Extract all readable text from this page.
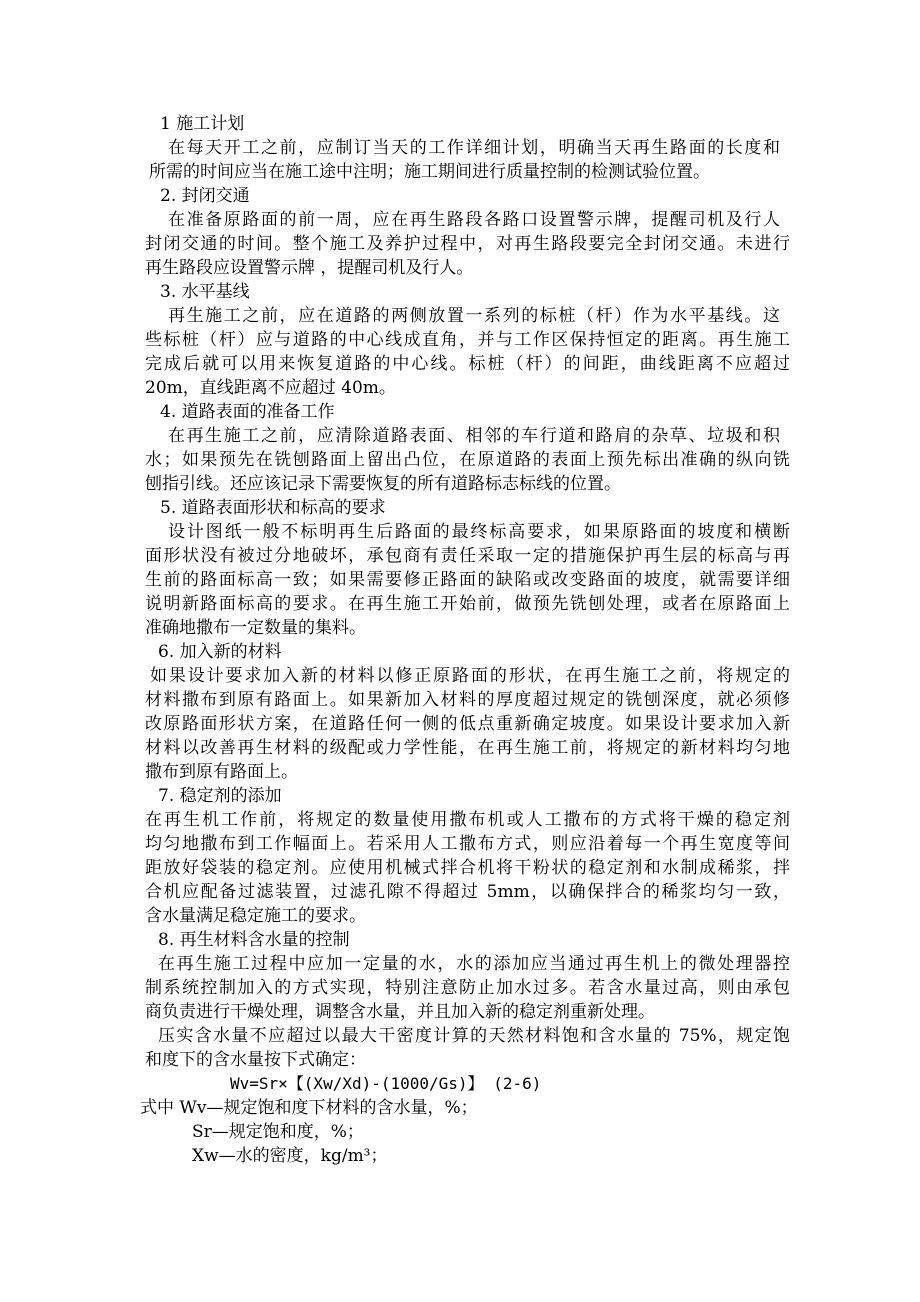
1 施工计划
在每天开工之前，应制订当天的工作详细计划，明确当天再生路面的长度和
所需的时间应当在施工途中注明；施工期间进行质量控制的检测试验位置。
2. 封闭交通
在准备原路面的前一周，应在再生路段各路口设置警示牌，提醒司机及行人
封闭交通的时间。整个施工及养护过程中，对再生路段要完全封闭交通。未进行
再生路段应设置警示牌 ，提醒司机及行人。
3. 水平基线
再生施工之前，应在道路的两侧放置一系列的标桩（杆）作为水平基线。这
些标桩（杆）应与道路的中心线成直角，并与工作区保持恒定的距离。再生施工
完成后就可以用来恢复道路的中心线。标桩（杆）的间距，曲线距离不应超过
20m，直线距离不应超过 40m。
4. 道路表面的准备工作
在再生施工之前，应清除道路表面、相邻的车行道和路肩的杂草、垃圾和积
水；如果预先在铣刨路面上留出凸位，在原道路的表面上预先标出准确的纵向铣
刨指引线。还应该记录下需要恢复的所有道路标志标线的位置。
5. 道路表面形状和标高的要求
设计图纸一般不标明再生后路面的最终标高要求，如果原路面的坡度和横断
面形状没有被过分地破坏，承包商有责任采取一定的措施保护再生层的标高与再
生前的路面标高一致；如果需要修正路面的缺陷或改变路面的坡度，就需要详细
说明新路面标高的要求。在再生施工开始前，做预先铣刨处理，或者在原路面上
准确地撒布一定数量的集料。
6. 加入新的材料
如果设计要求加入新的材料以修正原路面的形状，在再生施工之前，将规定的
材料撒布到原有路面上。如果新加入材料的厚度超过规定的铣刨深度，就必须修
改原路面形状方案，在道路任何一侧的低点重新确定坡度。如果设计要求加入新
材料以改善再生材料的级配或力学性能，在再生施工前，将规定的新材料均匀地
撒布到原有路面上。
7. 稳定剂的添加
在再生机工作前，将规定的数量使用撒布机或人工撒布的方式将干燥的稳定剂
均匀地撒布到工作幅面上。若采用人工撒布方式，则应沿着每一个再生宽度等间
距放好袋装的稳定剂。应使用机械式拌合机将干粉状的稳定剂和水制成稀浆，拌
合机应配备过滤装置，过滤孔隙不得超过 5mm，以确保拌合的稀浆均匀一致，
含水量满足稳定施工的要求。
8. 再生材料含水量的控制
在再生施工过程中应加一定量的水，水的添加应当通过再生机上的微处理器控
制系统控制加入的方式实现，特别注意防止加水过多。若含水量过高，则由承包
商负责进行干燥处理，调整含水量，并且加入新的稳定剂重新处理。
压实含水量不应超过以最大干密度计算的天然材料饱和含水量的 75%，规定饱
和度下的含水量按下式确定：
Wv=Sr×【(Xw/Xd)-(1000/Gs)】 (2-6)
式中 Wv—规定饱和度下材料的含水量，%；
Sr—规定饱和度，%；
Xw—水的密度，kg/m³；
